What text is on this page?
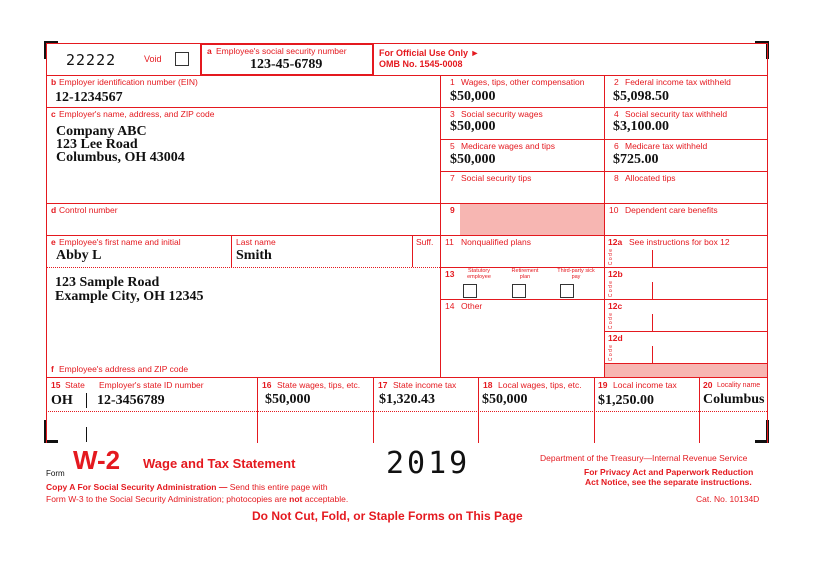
22222	Void
a Employee's social security number
123-45-6789
For Official Use Only ►
OMB No. 1545-0008
b Employer identification number (EIN)
12-1234567
c Employer's name, address, and ZIP code
Company ABC
123 Lee Road
Columbus, OH 43004
d Control number
e Employee's first name and initial	Last name	Suff.
Abby L	Smith
123 Sample Road
Example City, OH 12345
f Employee's address and ZIP code
1 Wages, tips, other compensation
$50,000
2 Federal income tax withheld
$5,098.50
3 Social security wages
$50,000
4 Social security tax withheld
$3,100.00
5 Medicare wages and tips
$50,000
6 Medicare tax withheld
$725.00
7 Social security tips	8 Allocated tips
9	10 Dependent care benefits
11 Nonqualified plans	12a See instructions for box 12
C o d e
12b
C o d e
12c
C o d e
12d
C o d e
13	Statutory employee
Retirement plan
Third-party sick pay
14 Other
15 State Employer's state ID number
OH 12-3456789
16 State wages, tips, etc.
$50,000
17 State income tax
$1,320.43
18 Local wages, tips, etc.
$50,000
19 Local income tax
$1,250.00
20 Locality name
Columbus
Form W-2 Wage and Tax Statement	2019	Department of the Treasury—Internal Revenue Service
For Privacy Act and Paperwork Reduction
Act Notice, see the separate instructions.
Cat. No. 10134D
Copy A For Social Security Administration — Send this entire page with
Form W-3 to the Social Security Administration; photocopies are not acceptable.
Do Not Cut, Fold, or Staple Forms on This Page
